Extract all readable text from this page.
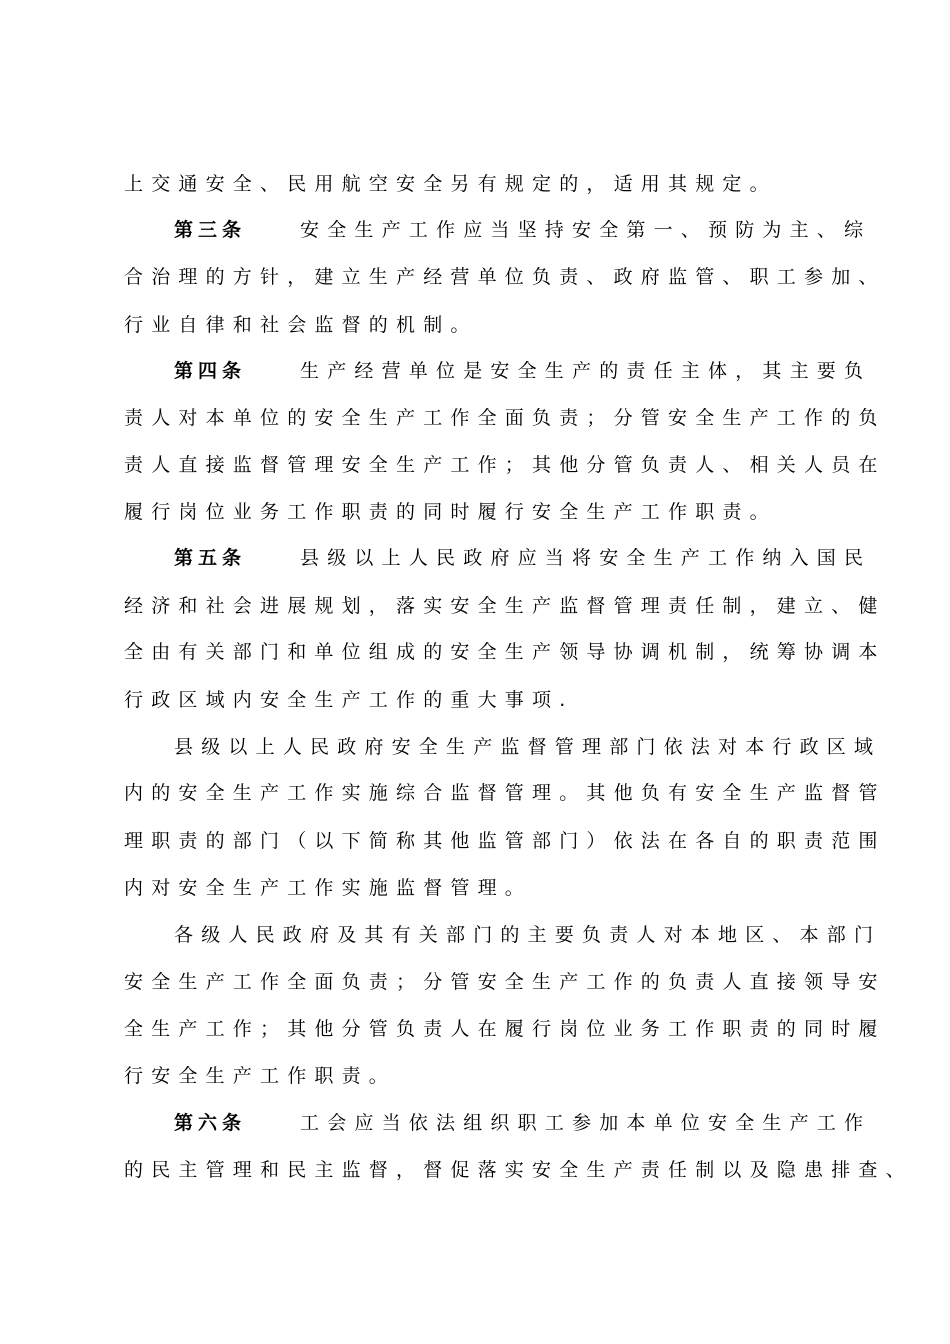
上交通安全、民用航空安全另有规定的，适用其规定。
第三条	安全生产工作应当坚持安全第一、预防为主、综
合治理的方针，建立生产经营单位负责、政府监管、职工参加、
行业自律和社会监督的机制。
第四条	生产经营单位是安全生产的责任主体，其主要负
责人对本单位的安全生产工作全面负责；分管安全生产工作的负
责人直接监督管理安全生产工作；其他分管负责人、相关人员在
履行岗位业务工作职责的同时履行安全生产工作职责。
第五条	县级以上人民政府应当将安全生产工作纳入国民
经济和社会进展规划，落实安全生产监督管理责任制，建立、健
全由有关部门和单位组成的安全生产领导协调机制，统筹协调本
行政区域内安全生产工作的重大事项.
县级以上人民政府安全生产监督管理部门依法对本行政区域
内的安全生产工作实施综合监督管理。其他负有安全生产监督管
理职责的部门（以下简称其他监管部门）依法在各自的职责范围
内对安全生产工作实施监督管理。
各级人民政府及其有关部门的主要负责人对本地区、本部门
安全生产工作全面负责；分管安全生产工作的负责人直接领导安
全生产工作；其他分管负责人在履行岗位业务工作职责的同时履
行安全生产工作职责。
第六条	工会应当依法组织职工参加本单位安全生产工作
的民主管理和民主监督，督促落实安全生产责任制以及隐患排查、
